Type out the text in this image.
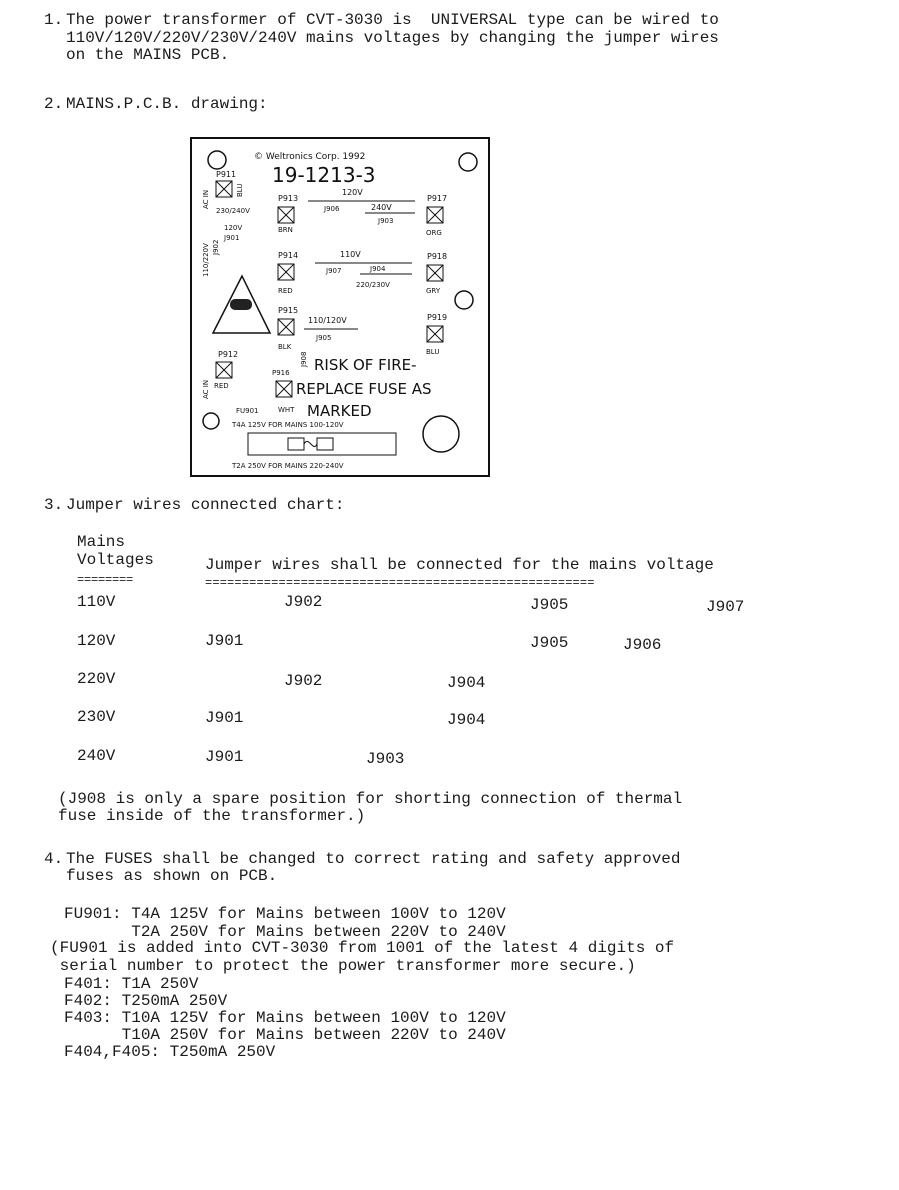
1. The power transformer of CVT-3030 is  UNIVERSAL type can be wired to
110V/120V/220V/230V/240V mains voltages by changing the jumper wires
on the MAINS PCB.
2. MAINS.P.C.B. drawing:
© Weltronics Corp. 1992
19-1213-3
P911
BLU
AC IN
110/220V J902
230/240V
120V
J901
P913
BRN
120V
J906	240V
J903
P917
ORG
P914
RED
110V
J907	J904
220/230V
P918
GRY
P915
BLK
110/120V
J905
J908
P919
BLU
P912
AC IN RED
P916
WHT
RISK OF FIRE-
REPLACE FUSE AS
MARKED
FU901
T4A 125V FOR MAINS 100-120V
T2A 250V FOR MAINS 220-240V
3. Jumper wires connected chart:
Mains
Voltages	Jumper wires shall be connected for the mains voltage
========	=====================================================
110V	J902	J905	J907
120V	J901	J905	J906
220V	J902	J904
230V	J901	J904
240V	J901	J903
(J908 is only a spare position for shorting connection of thermal
fuse inside of the transformer.)
4. The FUSES shall be changed to correct rating and safety approved
fuses as shown on PCB.
FU901: T4A 125V for Mains between 100V to 120V
T2A 250V for Mains between 220V to 240V
(FU901 is added into CVT-3030 from 1001 of the latest 4 digits of
serial number to protect the power transformer more secure.)
F401: T1A 250V
F402: T250mA 250V
F403: T10A 125V for Mains between 100V to 120V
T10A 250V for Mains between 220V to 240V
F404,F405: T250mA 250V
